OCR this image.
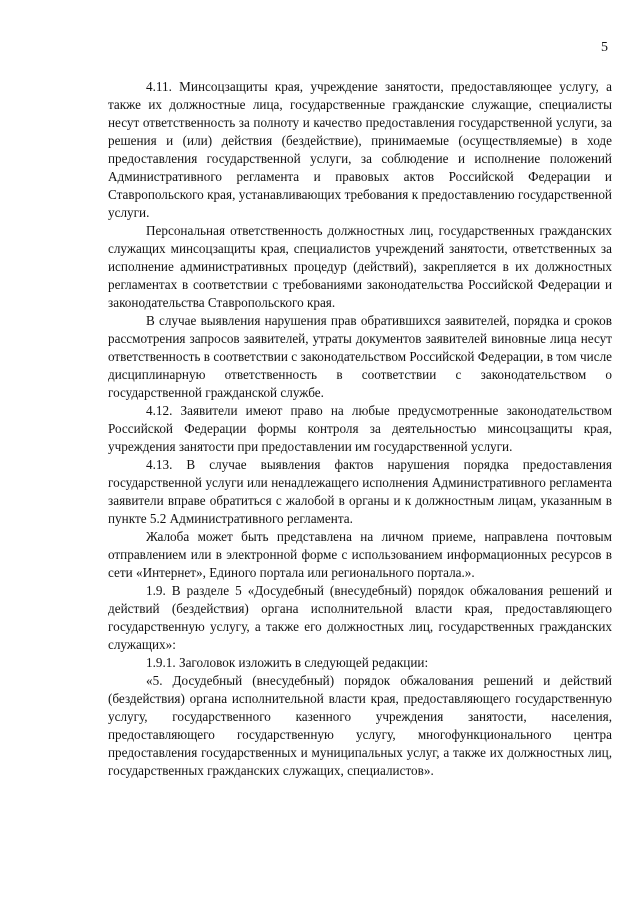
5

4.11. Минсоцзащиты края, учреждение занятости, предоставляющее услугу, а также их должностные лица, государственные гражданские служащие, специалисты несут ответственность за полноту и качество предоставления государственной услуги, за решения и (или) действия (бездействие), принимаемые (осуществляемые) в ходе предоставления государственной услуги, за соблюдение и исполнение положений Административного регламента и правовых актов Российской Федерации и Ставропольского края, устанавливающих требования к предоставлению государственной услуги.

Персональная ответственность должностных лиц, государственных гражданских служащих минсоцзащиты края, специалистов учреждений занятости, ответственных за исполнение административных процедур (действий), закрепляется в их должностных регламентах в соответствии с требованиями законодательства Российской Федерации и законодательства Ставропольского края.

В случае выявления нарушения прав обратившихся заявителей, порядка и сроков рассмотрения запросов заявителей, утраты документов заявителей виновные лица несут ответственность в соответствии с законодательством Российской Федерации, в том числе дисциплинарную ответственность в соответствии с законодательством о государственной гражданской службе.

4.12. Заявители имеют право на любые предусмотренные законодательством Российской Федерации формы контроля за деятельностью минсоцзащиты края, учреждения занятости при предоставлении им государственной услуги.

4.13. В случае выявления фактов нарушения порядка предоставления государственной услуги или ненадлежащего исполнения Административного регламента заявители вправе обратиться с жалобой в органы и к должностным лицам, указанным в пункте 5.2 Административного регламента.

Жалоба может быть представлена на личном приеме, направлена почтовым отправлением или в электронной форме с использованием информационных ресурсов в сети «Интернет», Единого портала или регионального портала.».

1.9. В разделе 5 «Досудебный (внесудебный) порядок обжалования решений и действий (бездействия) органа исполнительной власти края, предоставляющего государственную услугу, а также его должностных лиц, государственных гражданских служащих»:

1.9.1. Заголовок изложить в следующей редакции:

«5. Досудебный (внесудебный) порядок обжалования решений и действий (бездействия) органа исполнительной власти края, предоставляющего государственную услугу, государственного казенного учреждения занятости, населения, предоставляющего государственную услугу, многофункционального центра предоставления государственных и муниципальных услуг, а также их должностных лиц, государственных гражданских служащих, специалистов».
